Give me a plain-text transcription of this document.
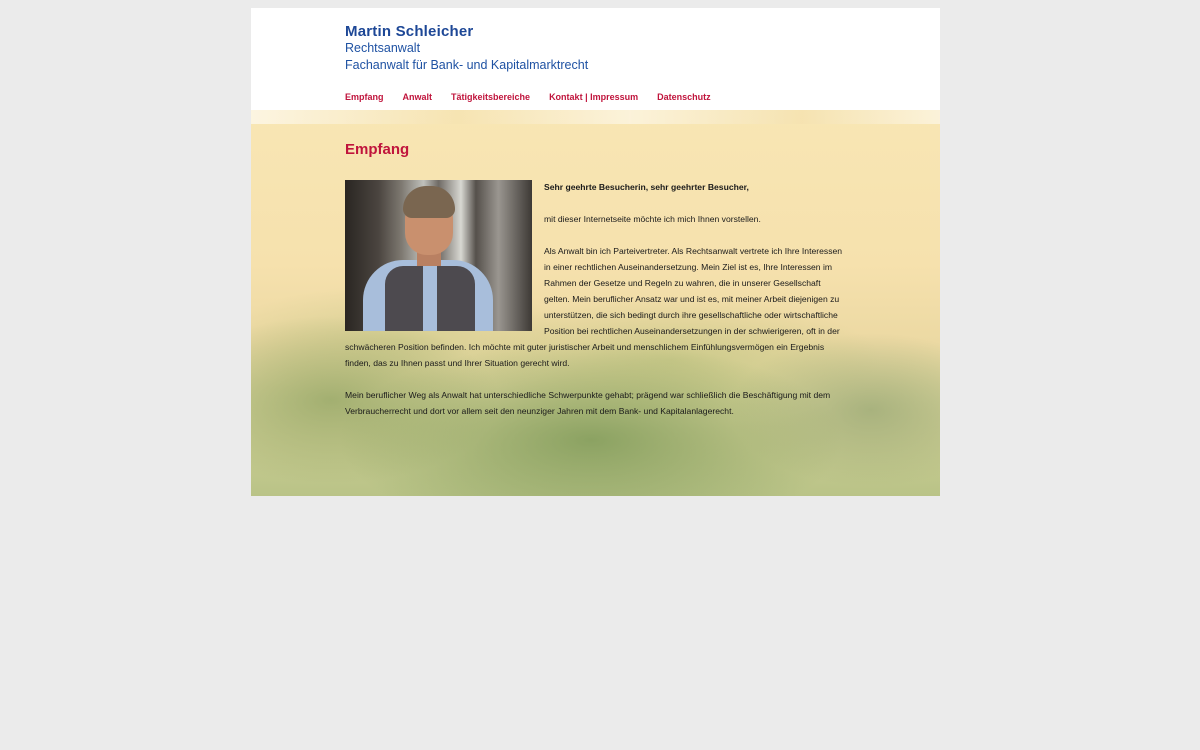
Martin Schleicher
Rechtsanwalt
Fachanwalt für Bank- und Kapitalmarktrecht
Empfang Anwalt Tätigkeitsbereiche Kontakt | Impressum Datenschutz
Empfang

Sehr geehrte Besucherin, sehr geehrter Besucher,

mit dieser Internetseite möchte ich mich Ihnen vorstellen.

Als Anwalt bin ich Parteivertreter. Als Rechtsanwalt vertrete ich Ihre Interessen in einer rechtlichen Auseinandersetzung. Mein Ziel ist es, Ihre Interessen im Rahmen der Gesetze und Regeln zu wahren, die in unserer Gesellschaft gelten. Mein beruflicher Ansatz war und ist es, mit meiner Arbeit diejenigen zu unterstützen, die sich bedingt durch ihre gesellschaftliche oder wirtschaftliche Position bei rechtlichen Auseinandersetzungen in der schwierigeren, oft in der schwächeren Position befinden. Ich möchte mit guter juristischer Arbeit und menschlichem Einfühlungsvermögen ein Ergebnis finden, das zu Ihnen passt und Ihrer Situation gerecht wird.

Mein beruflicher Weg als Anwalt hat unterschiedliche Schwerpunkte gehabt; prägend war schließlich die Beschäftigung mit dem Verbraucherrecht und dort vor allem seit den neunziger Jahren mit dem Bank- und Kapitalanlagerecht.
